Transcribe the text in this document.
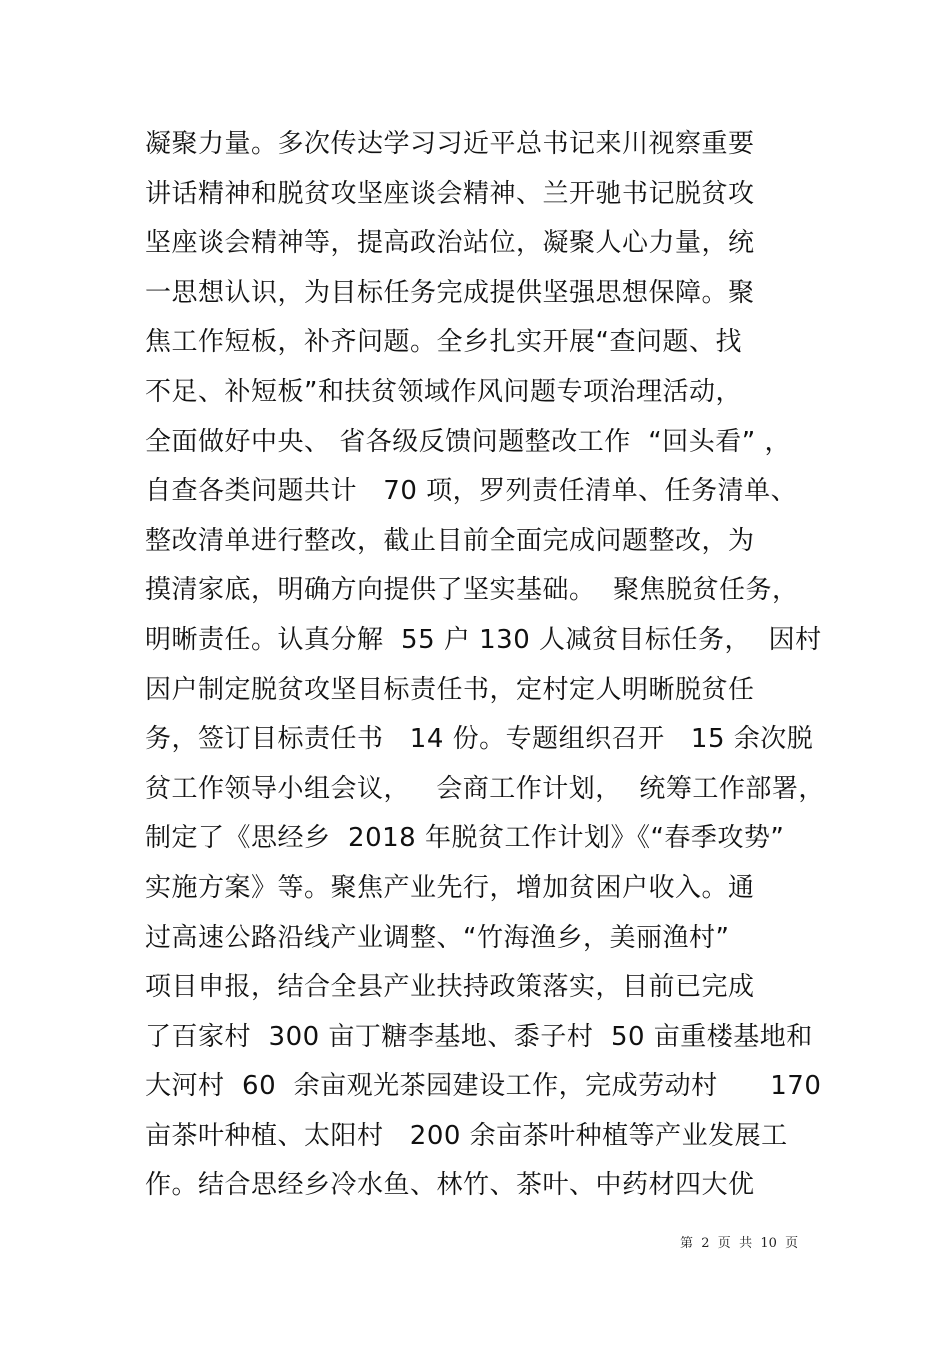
凝聚力量。多次传达学习习近平总书记来川视察重要
讲话精神和脱贫攻坚座谈会精神、兰开驰书记脱贫攻
坚座谈会精神等，提高政治站位，凝聚人心力量，统
一思想认识，为目标任务完成提供坚强思想保障。聚
焦工作短板，补齐问题。全乡扎实开展“查问题、找
不足、补短板”和扶贫领域作风问题专项治理活动，
全面做好中央、 省各级反馈问题整改工作  “回头看” ，
自查各类问题共计   70 项，罗列责任清单、任务清单、
整改清单进行整改，截止目前全面完成问题整改，为
摸清家底，明确方向提供了坚实基础。  聚焦脱贫任务，
明晰责任。认真分解  55 户 130 人减贫目标任务，  因村
因户制定脱贫攻坚目标责任书，定村定人明晰脱贫任
务，签订目标责任书   14 份。专题组织召开   15 余次脱
贫工作领导小组会议，   会商工作计划，  统筹工作部署，
制定了《思经乡  2018 年脱贫工作计划》《“春季攻势”
实施方案》等。聚焦产业先行，增加贫困户收入。通
过高速公路沿线产业调整、“竹海渔乡，美丽渔村”
项目申报，结合全县产业扶持政策落实，目前已完成
了百家村  300 亩丁糖李基地、黍子村  50 亩重楼基地和
大河村  60  余亩观光茶园建设工作，完成劳动村      170
亩茶叶种植、太阳村   200 余亩茶叶种植等产业发展工
作。结合思经乡冷水鱼、林竹、茶叶、中药材四大优
第  2  页  共  10  页
